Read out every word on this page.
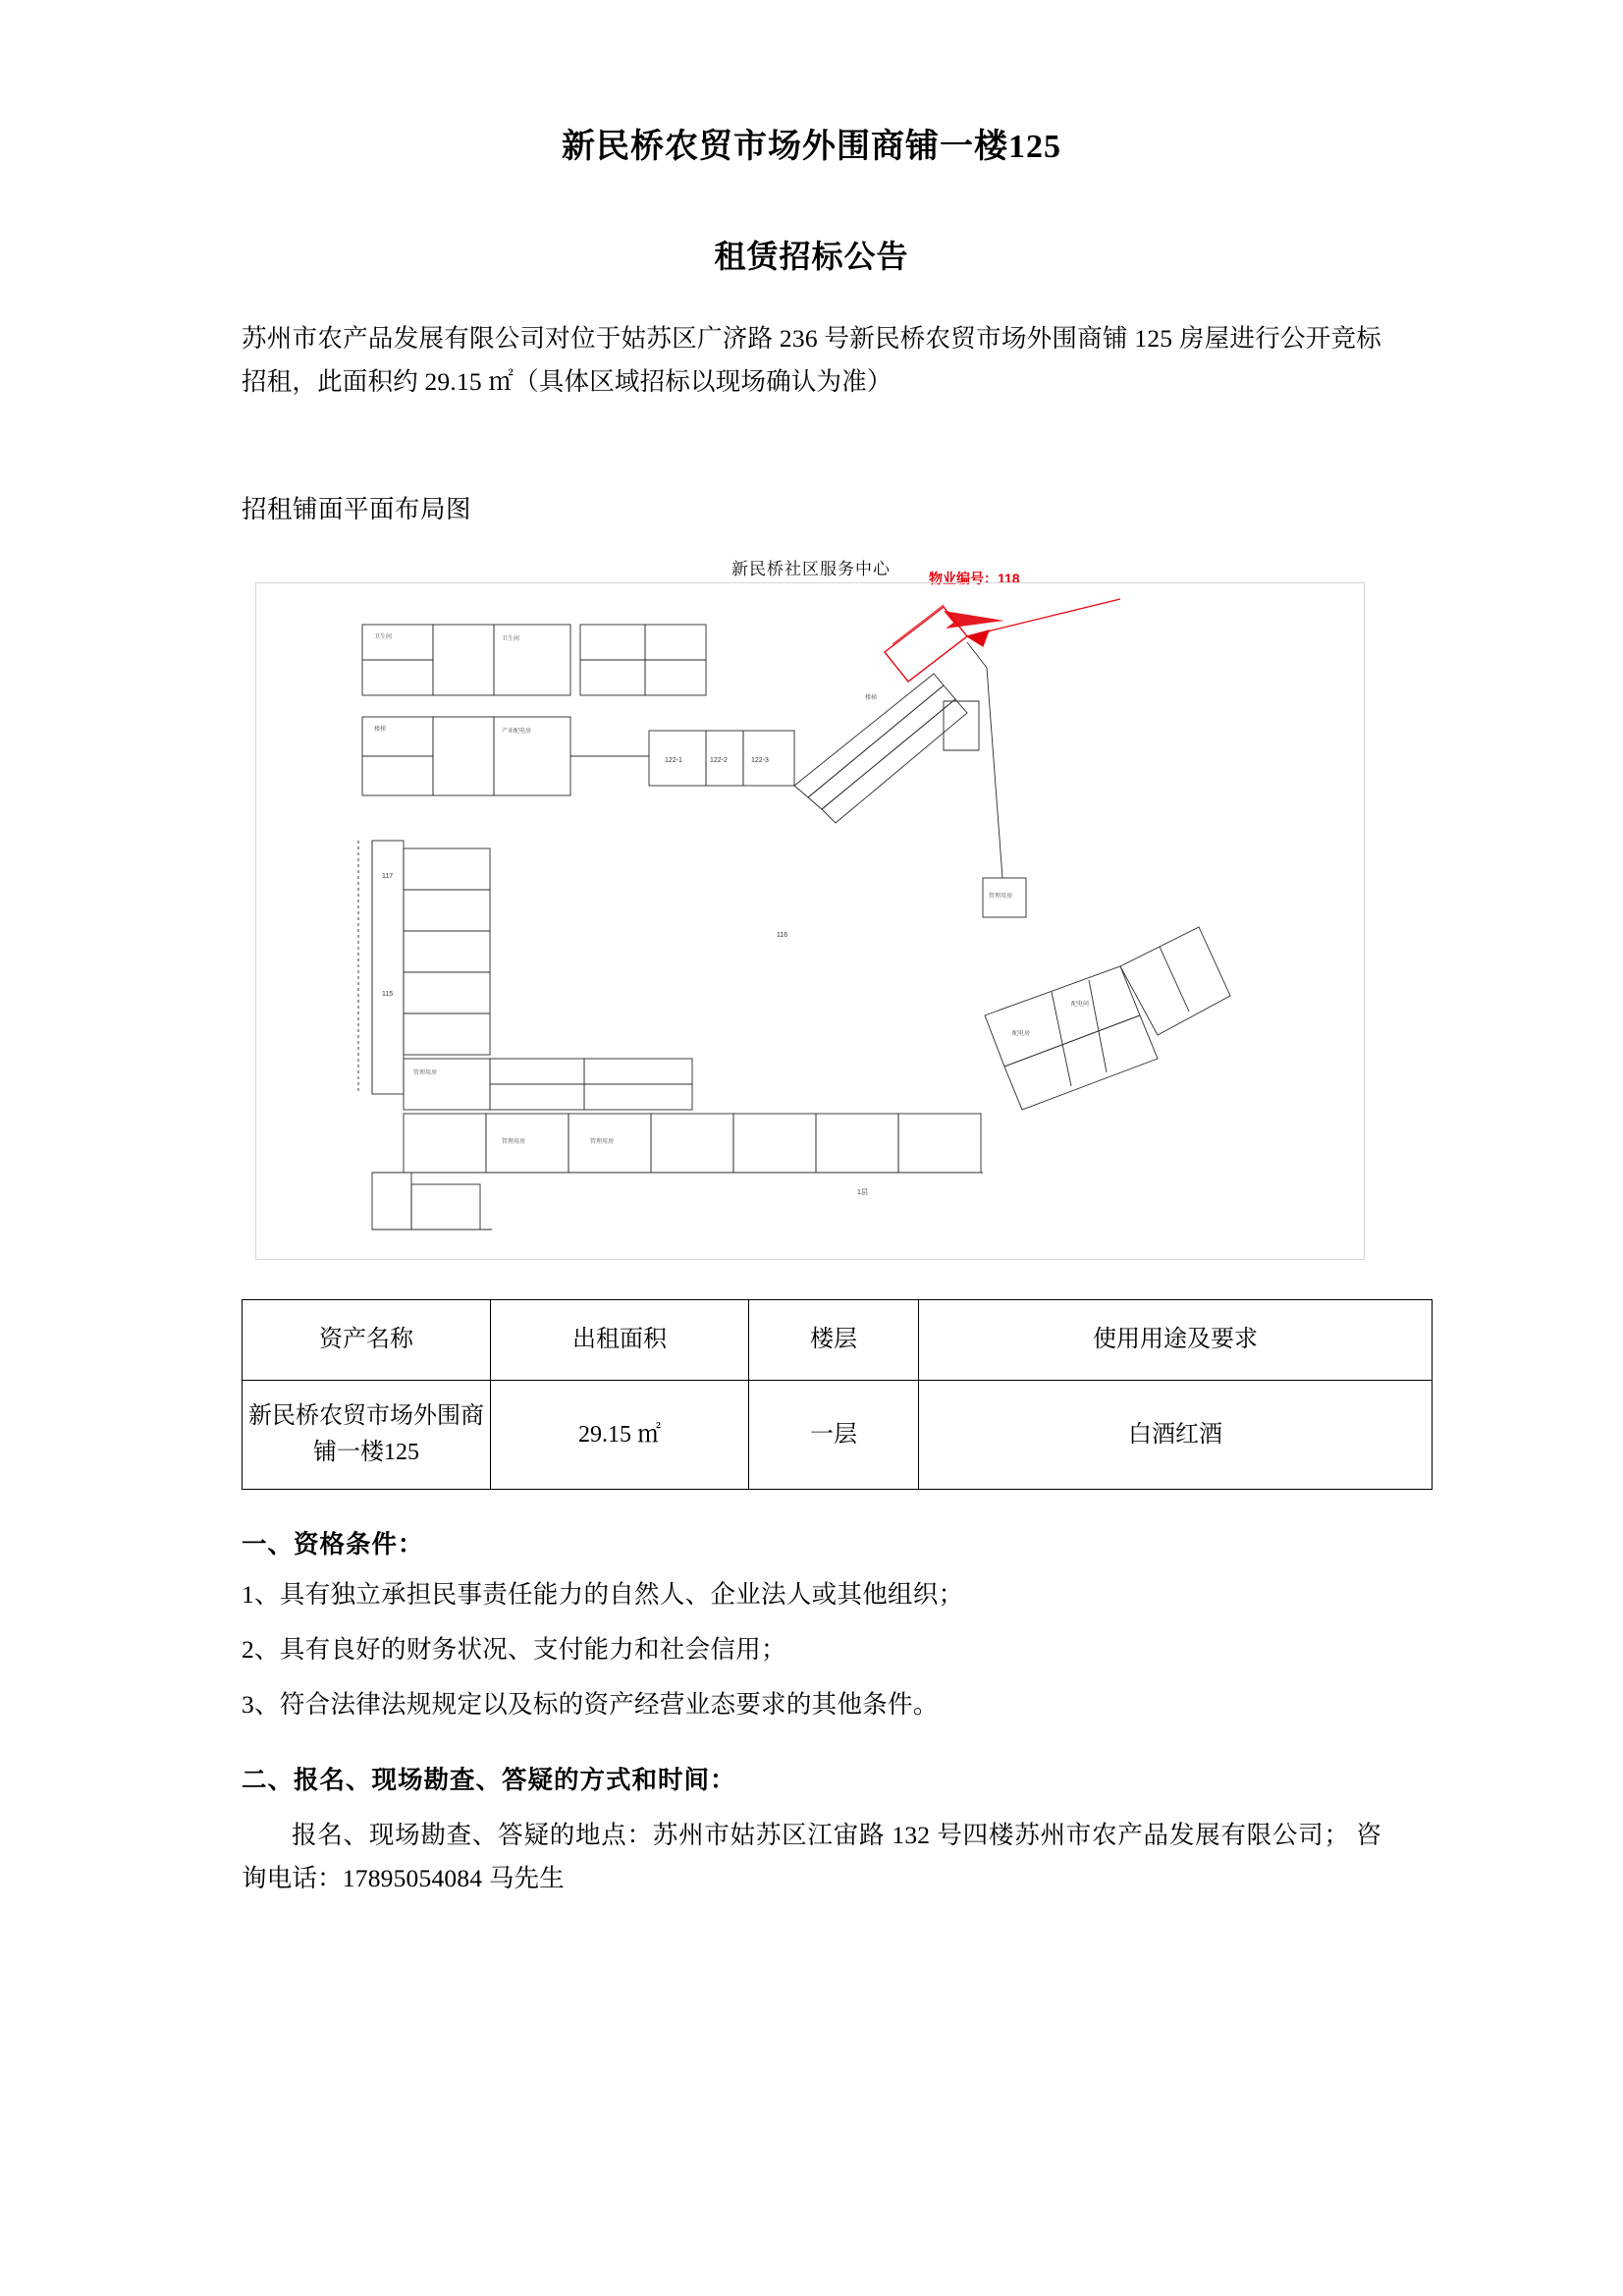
新民桥农贸市场外围商铺一楼125
租赁招标公告
苏州市农产品发展有限公司对位于姑苏区广济路 236 号新民桥农贸市场外围商铺 125 房屋进行公开竞标招租，此面积约 29.15 ㎡（具体区域招标以现场确认为准）
招租铺面平面布局图
新民桥社区服务中心	物业编号：118
122-1	122-2	122-3
117
115
116
1层
卫生间	卫生间
楼梯	产业配电房
楼梯
管理用房
配电房
配电间
管理用房
管理用房	管理用房
资产名称	出租面积	楼层	使用用途及要求
新民桥农贸市场外围商铺一楼125	29.15 ㎡	一层	白酒红酒
一、资格条件：
1、具有独立承担民事责任能力的自然人、企业法人或其他组织；
2、具有良好的财务状况、支付能力和社会信用；
3、符合法律法规规定以及标的资产经营业态要求的其他条件。
二、报名、现场勘查、答疑的方式和时间：
报名、现场勘查、答疑的地点：苏州市姑苏区江宙路 132 号四楼苏州市农产品发展有限公司； 咨询电话：17895054084 马先生
